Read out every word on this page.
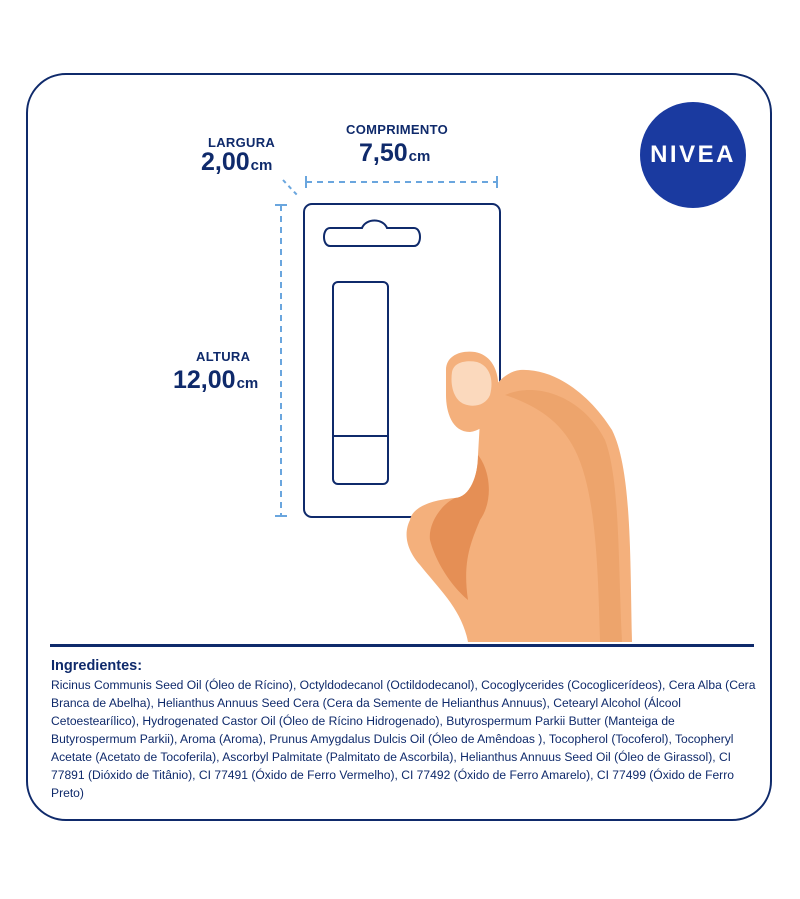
LARGURA
2,00cm
COMPRIMENTO
7,50cm
ALTURA
12,00cm
NIVEA
Ingredientes:
Ricinus Communis Seed Oil (Óleo de Rícino), Octyldodecanol (Octildodecanol), Cocoglycerides (Cocoglicerídeos), Cera Alba (Cera Branca de Abelha), Helianthus Annuus Seed Cera (Cera da Semente de Helianthus Annuus), Cetearyl Alcohol (Álcool Cetoestearílico), Hydrogenated Castor Oil (Óleo de Rícino Hidrogenado), Butyrospermum Parkii Butter (Manteiga de Butyrospermum Parkii), Aroma (Aroma), Prunus Amygdalus Dulcis Oil (Óleo de Amêndoas ), Tocopherol (Tocoferol), Tocopheryl Acetate (Acetato de Tocoferila), Ascorbyl Palmitate (Palmitato de Ascorbila), Helianthus Annuus Seed Oil (Óleo de Girassol), CI 77891 (Dióxido de Titânio), CI 77491 (Óxido de Ferro Vermelho), CI 77492 (Óxido de Ferro Amarelo), CI 77499 (Óxido de Ferro Preto)
